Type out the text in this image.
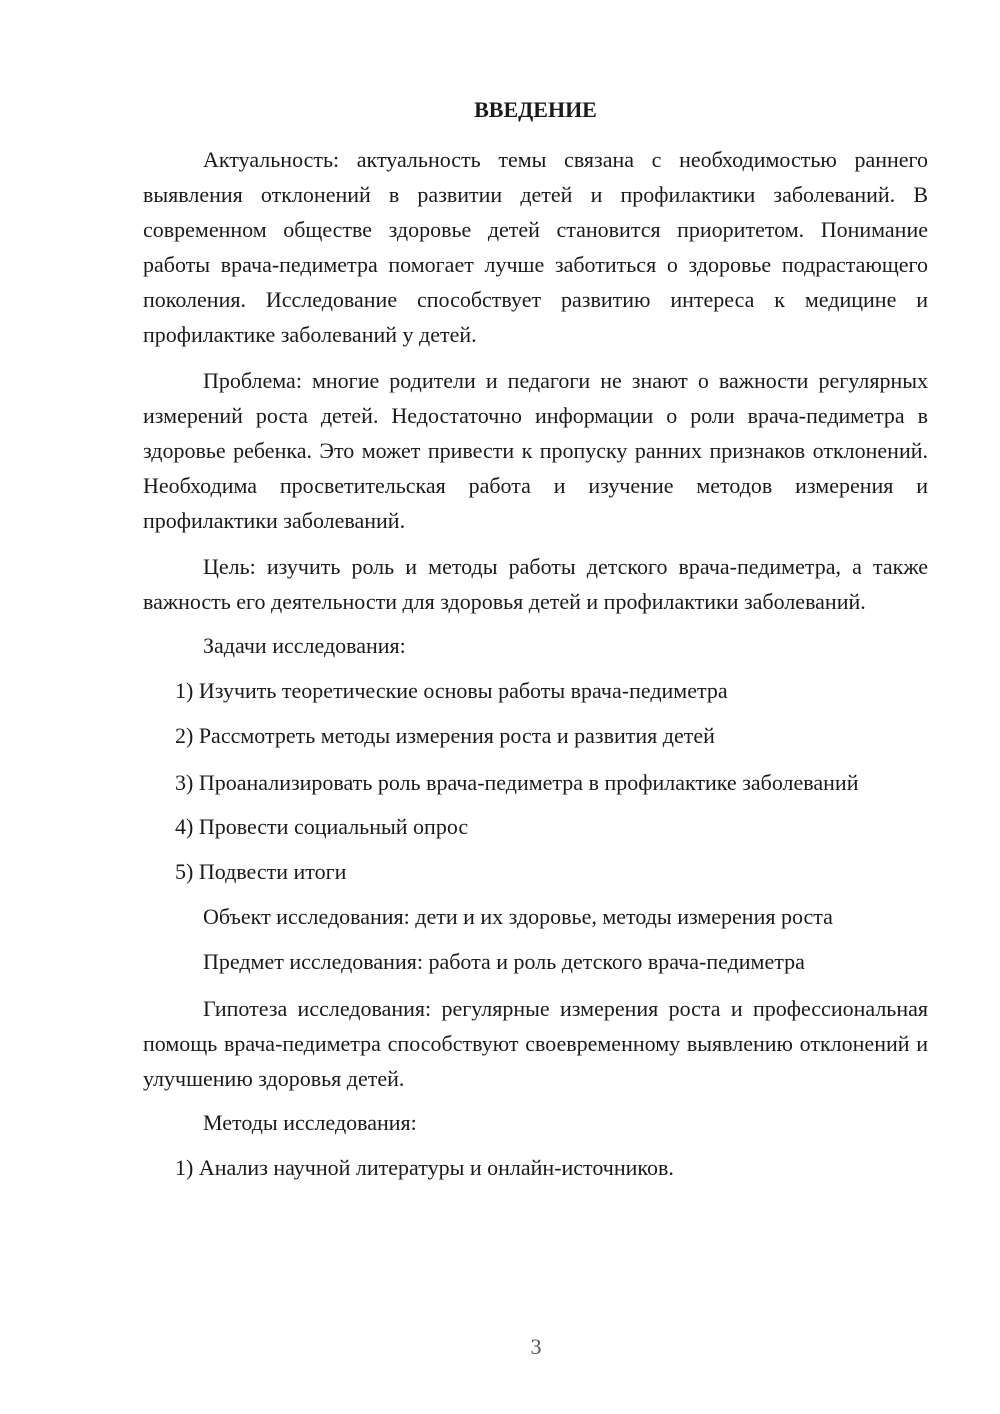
ВВЕДЕНИЕ

Актуальность: актуальность темы связана с необходимостью раннего выявления отклонений в развитии детей и профилактики заболеваний. В современном обществе здоровье детей становится приоритетом. Понимание работы врача-педиметра помогает лучше заботиться о здоровье подрастающего поколения. Исследование способствует развитию интереса к медицине и профилактике заболеваний у детей.

Проблема: многие родители и педагоги не знают о важности регулярных измерений роста детей. Недостаточно информации о роли врача-педиметра в здоровье ребенка. Это может привести к пропуску ранних признаков отклонений. Необходима просветительская работа и изучение методов измерения и профилактики заболеваний.

Цель: изучить роль и методы работы детского врача-педиметра, а также важность его деятельности для здоровья детей и профилактики заболеваний.

Задачи исследования:
1) Изучить теоретические основы работы врача-педиметра
2) Рассмотреть методы измерения роста и развития детей

3) Проанализировать роль врача-педиметра в профилактике заболеваний

4) Провести социальный опрос
5) Подвести итоги
Объект исследования: дети и их здоровье, методы измерения роста
Предмет исследования: работа и роль детского врача-педиметра

Гипотеза исследования: регулярные измерения роста и профессиональная помощь врача-педиметра способствуют своевременному выявлению отклонений и улучшению здоровья детей.

Методы исследования:
1) Анализ научной литературы и онлайн-источников.
3
